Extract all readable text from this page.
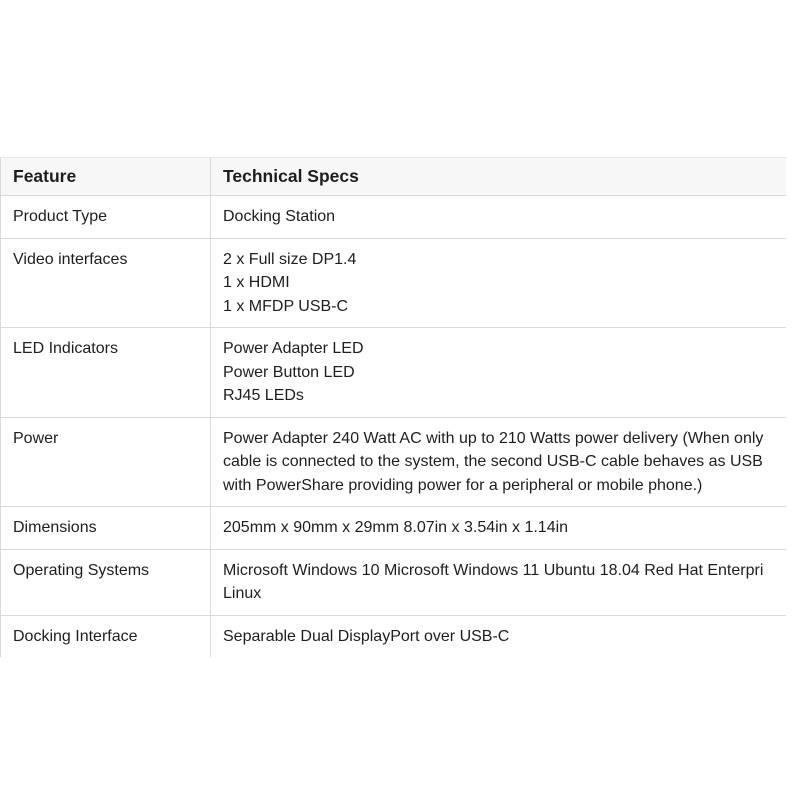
Feature	Technical Specs
Product Type	Docking Station
Video interfaces	2 x Full size DP1.4
1 x HDMI
1 x MFDP USB-C
LED Indicators	Power Adapter LED
Power Button LED
RJ45 LEDs
Power	Power Adapter 240 Watt AC with up to 210 Watts power delivery (When only
cable is connected to the system, the second USB-C cable behaves as USB
with PowerShare providing power for a peripheral or mobile phone.)
Dimensions	205mm x 90mm x 29mm 8.07in x 3.54in x 1.14in
Operating Systems	Microsoft Windows 10 Microsoft Windows 11 Ubuntu 18.04 Red Hat Enterpri
Linux
Docking Interface	Separable Dual DisplayPort over USB-C
